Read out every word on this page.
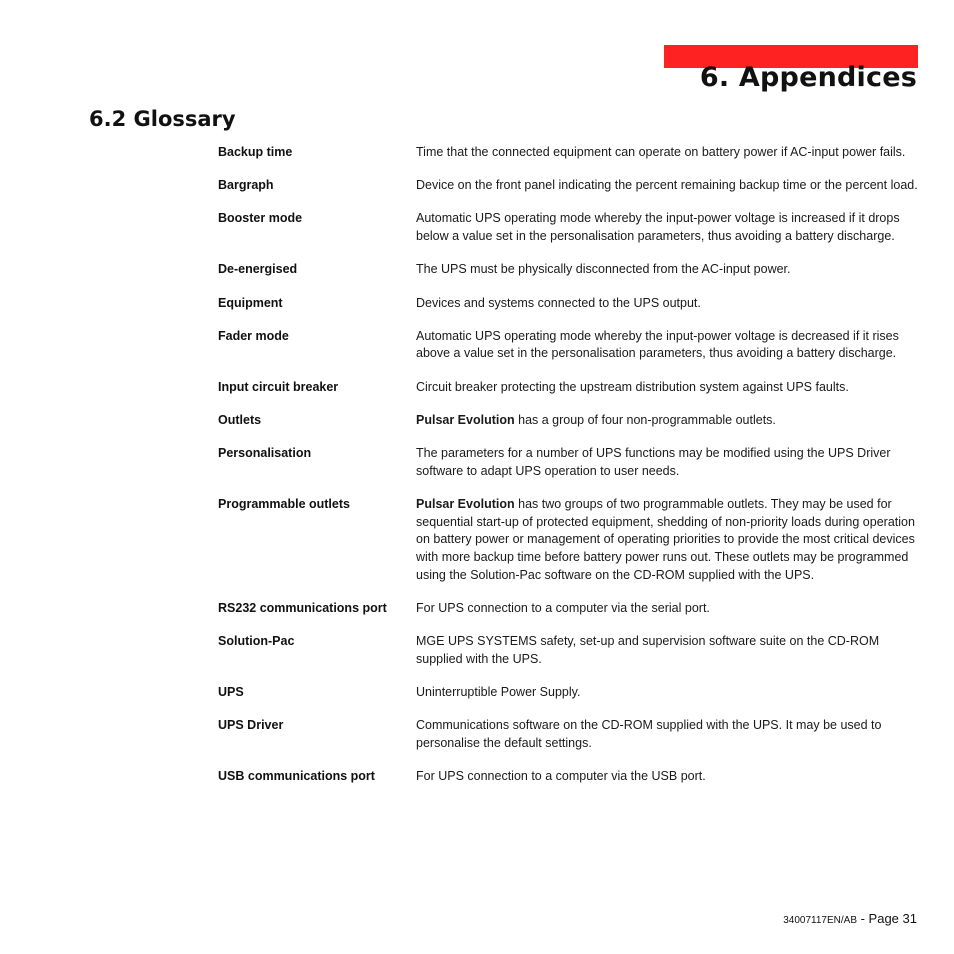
6. Appendices
6.2 Glossary
Backup time	Time that the connected equipment can operate on battery power if AC-input power fails.
Bargraph	Device on the front panel indicating the percent remaining backup time or the percent load.
Booster mode	Automatic UPS operating mode whereby the input-power voltage is increased if it drops below a value set in the personalisation parameters, thus avoiding a battery discharge.
De-energised	The UPS must be physically disconnected from the AC-input power.
Equipment	Devices and systems connected to the UPS output.
Fader mode	Automatic UPS operating mode whereby the input-power voltage is decreased if it rises above a value set in the personalisation parameters, thus avoiding a battery discharge.
Input circuit breaker	Circuit breaker protecting the upstream distribution system against UPS faults.
Outlets	Pulsar Evolution has a group of four non-programmable outlets.
Personalisation	The parameters for a number of UPS functions may be modified using the UPS Driver software to adapt UPS operation to user needs.
Programmable outlets	Pulsar Evolution has two groups of two programmable outlets. They may be used for sequential start-up of protected equipment, shedding of non-priority loads during operation on battery power or management of operating priorities to provide the most critical devices with more backup time before battery power runs out. These outlets may be programmed using the Solution-Pac software on the CD-ROM supplied with the UPS.
RS232 communications port	For UPS connection to a computer via the serial port.
Solution-Pac	MGE UPS SYSTEMS safety, set-up and supervision software suite on the CD-ROM supplied with the UPS.
UPS	Uninterruptible Power Supply.
UPS Driver	Communications software on the CD-ROM supplied with the UPS. It may be used to personalise the default settings.
USB communications port	For UPS connection to a computer via the USB port.
34007117EN/AB - Page 31
